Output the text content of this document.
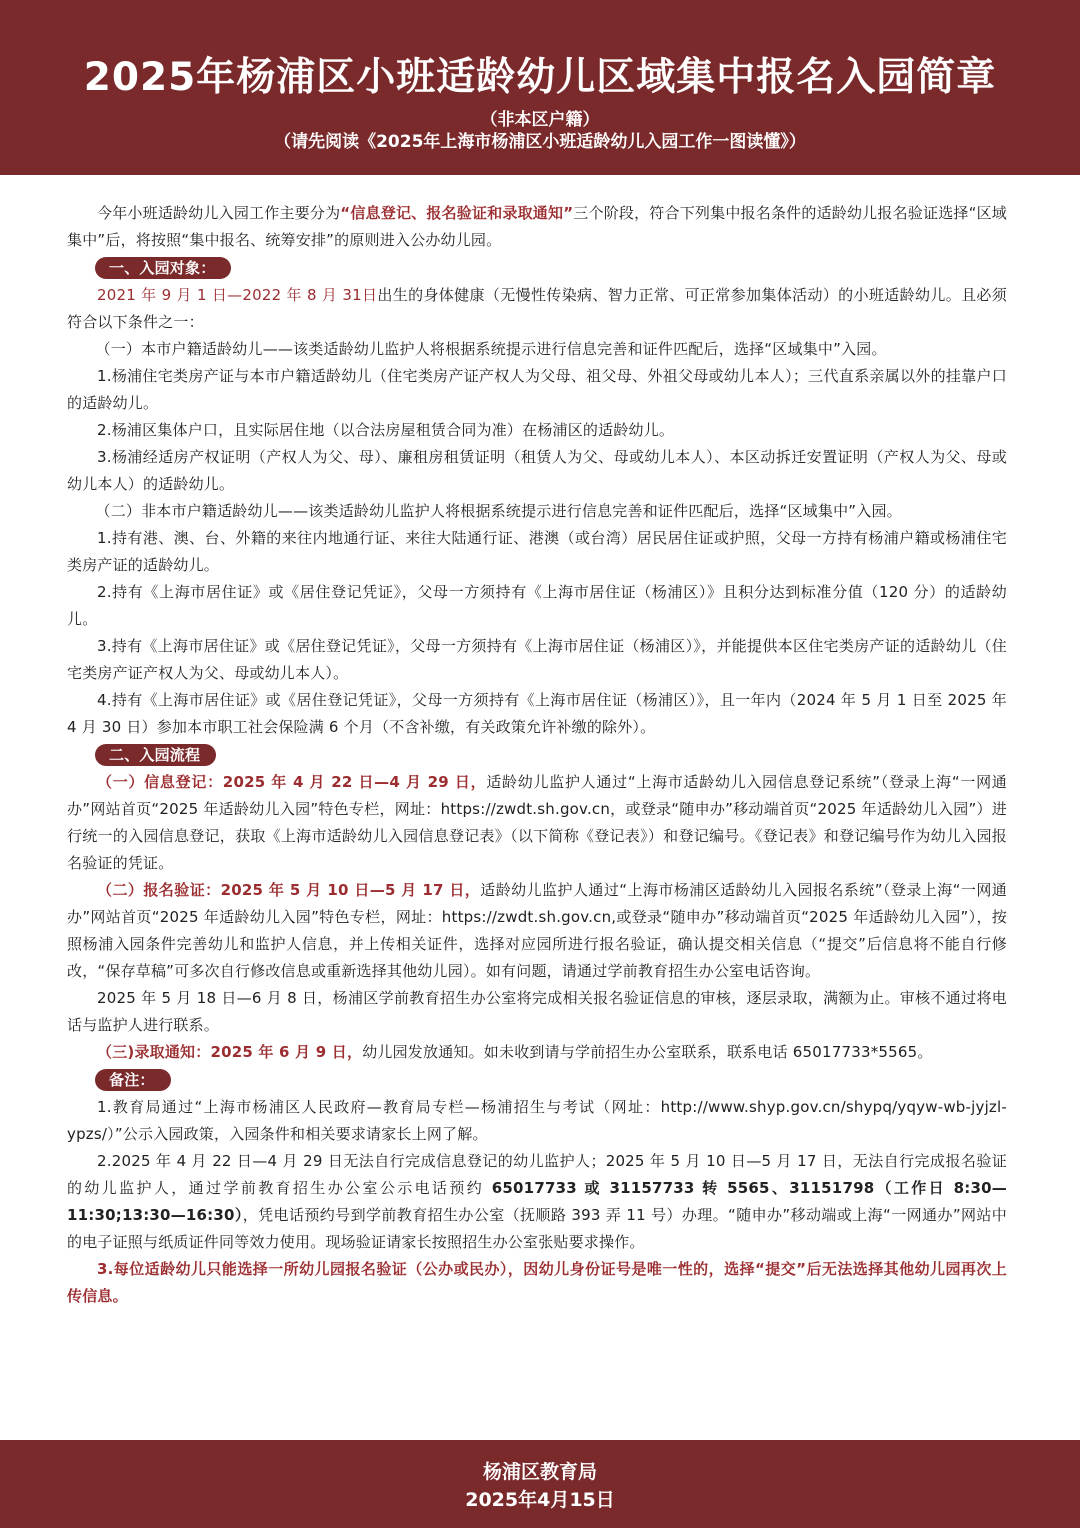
2025年杨浦区小班适龄幼儿区域集中报名入园简章
（非本区户籍）
（请先阅读《2025年上海市杨浦区小班适龄幼儿入园工作一图读懂》）

今年小班适龄幼儿入园工作主要分为“信息登记、报名验证和录取通知”三个阶段，符合下列集中报名条件的适龄幼儿报名验证选择“区域集中”后，将按照“集中报名、统筹安排”的原则进入公办幼儿园。

一、入园对象：

2021 年 9 月 1 日—2022 年 8 月 31日出生的身体健康（无慢性传染病、智力正常、可正常参加集体活动）的小班适龄幼儿。且必须符合以下条件之一：

（一）本市户籍适龄幼儿——该类适龄幼儿监护人将根据系统提示进行信息完善和证件匹配后，选择“区域集中”入园。

1.杨浦住宅类房产证与本市户籍适龄幼儿（住宅类房产证产权人为父母、祖父母、外祖父母或幼儿本人）；三代直系亲属以外的挂靠户口的适龄幼儿。

2.杨浦区集体户口，且实际居住地（以合法房屋租赁合同为准）在杨浦区的适龄幼儿。

3.杨浦经适房产权证明（产权人为父、母）、廉租房租赁证明（租赁人为父、母或幼儿本人）、本区动拆迁安置证明（产权人为父、母或幼儿本人）的适龄幼儿。

（二）非本市户籍适龄幼儿——该类适龄幼儿监护人将根据系统提示进行信息完善和证件匹配后，选择“区域集中”入园。

1.持有港、澳、台、外籍的来往内地通行证、来往大陆通行证、港澳（或台湾）居民居住证或护照，父母一方持有杨浦户籍或杨浦住宅类房产证的适龄幼儿。

2.持有《上海市居住证》或《居住登记凭证》，父母一方须持有《上海市居住证（杨浦区）》且积分达到标准分值（120 分）的适龄幼儿。

3.持有《上海市居住证》或《居住登记凭证》，父母一方须持有《上海市居住证（杨浦区）》，并能提供本区住宅类房产证的适龄幼儿（住宅类房产证产权人为父、母或幼儿本人）。

4.持有《上海市居住证》或《居住登记凭证》，父母一方须持有《上海市居住证（杨浦区）》，且一年内（2024 年 5 月 1 日至 2025 年 4 月 30 日）参加本市职工社会保险满 6 个月（不含补缴，有关政策允许补缴的除外）。

二、入园流程

（一）信息登记：2025 年 4 月 22 日—4 月 29 日，适龄幼儿监护人通过“上海市适龄幼儿入园信息登记系统”（登录上海“一网通办”网站首页“2025 年适龄幼儿入园”特色专栏，网址：https://zwdt.sh.gov.cn，或登录“随申办”移动端首页“2025 年适龄幼儿入园”）进行统一的入园信息登记，获取《上海市适龄幼儿入园信息登记表》（以下简称《登记表》）和登记编号。《登记表》和登记编号作为幼儿入园报名验证的凭证。

（二）报名验证：2025 年 5 月 10 日—5 月 17 日，适龄幼儿监护人通过“上海市杨浦区适龄幼儿入园报名系统”（登录上海“一网通办”网站首页“2025 年适龄幼儿入园”特色专栏，网址：https://zwdt.sh.gov.cn,或登录“随申办”移动端首页“2025 年适龄幼儿入园”），按照杨浦入园条件完善幼儿和监护人信息，并上传相关证件，选择对应园所进行报名验证，确认提交相关信息（“提交”后信息将不能自行修改，“保存草稿”可多次自行修改信息或重新选择其他幼儿园）。如有问题，请通过学前教育招生办公室电话咨询。

2025 年 5 月 18 日—6 月 8 日，杨浦区学前教育招生办公室将完成相关报名验证信息的审核，逐层录取，满额为止。审核不通过将电话与监护人进行联系。

（三)录取通知：2025 年 6 月 9 日，幼儿园发放通知。如未收到请与学前招生办公室联系，联系电话 65017733*5565。

备注：

1.教育局通过“上海市杨浦区人民政府—教育局专栏—杨浦招生与考试（网址：http://www.shyp.gov.cn/shypq/yqyw-wb-jyjzl-ypzs/）”公示入园政策，入园条件和相关要求请家长上网了解。

2.2025 年 4 月 22 日—4 月 29 日无法自行完成信息登记的幼儿监护人；2025 年 5 月 10 日—5 月 17 日，无法自行完成报名验证的幼儿监护人，通过学前教育招生办公室公示电话预约 65017733 或 31157733 转 5565、31151798（工作日 8:30—11:30;13:30—16:30），凭电话预约号到学前教育招生办公室（抚顺路 393 弄 11 号）办理。“随申办”移动端或上海“一网通办”网站中的电子证照与纸质证件同等效力使用。现场验证请家长按照招生办公室张贴要求操作。

3.每位适龄幼儿只能选择一所幼儿园报名验证（公办或民办），因幼儿身份证号是唯一性的，选择“提交”后无法选择其他幼儿园再次上传信息。

杨浦区教育局
2025年4月15日
